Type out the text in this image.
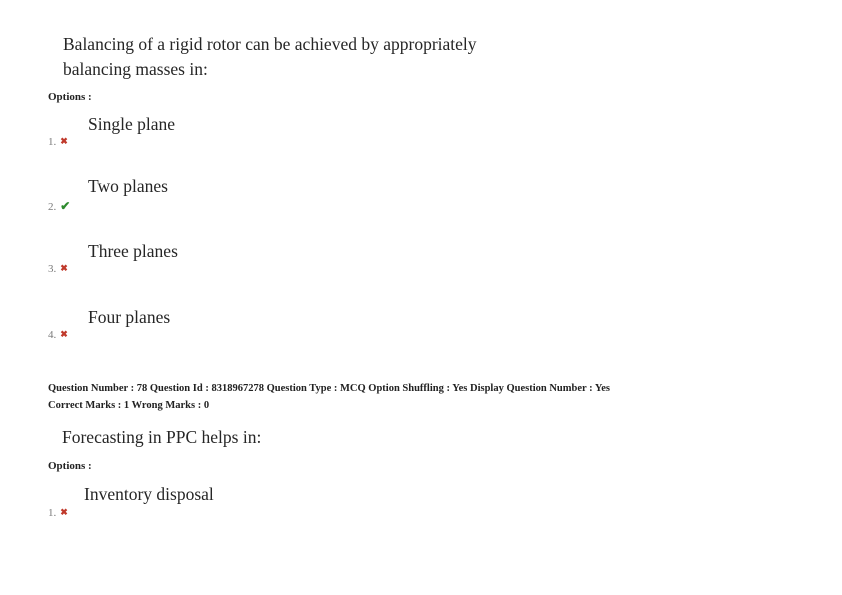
Balancing of a rigid rotor can be achieved by appropriately
balancing masses in:
Options :
Single plane
1. ✖
Two planes
2. ✔
Three planes
3. ✖
Four planes
4. ✖
Question Number : 78 Question Id : 8318967278 Question Type : MCQ Option Shuffling : Yes Display Question Number : Yes
Correct Marks : 1 Wrong Marks : 0
Forecasting in PPC helps in:
Options :
Inventory disposal
1. ✖
